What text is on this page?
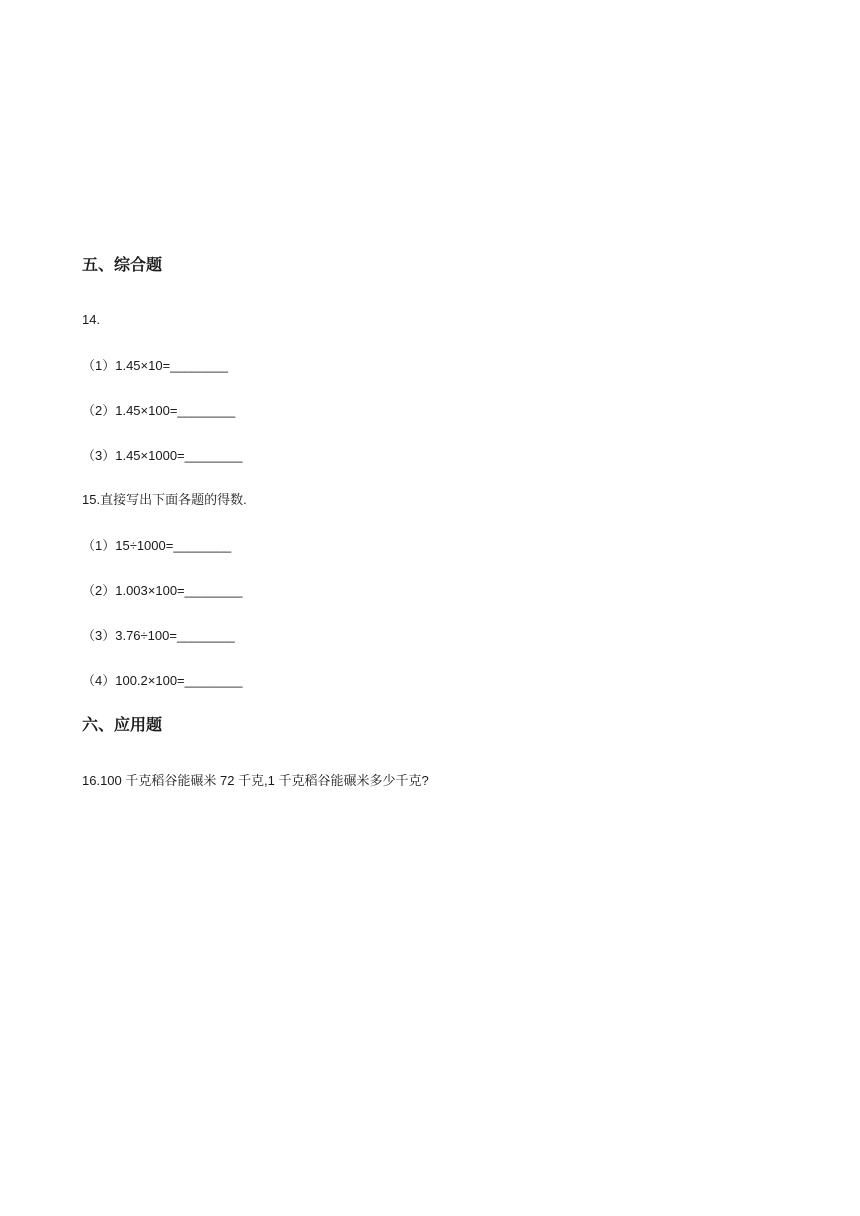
五、综合题
14.
（1）1.45×10=________
（2）1.45×100=________
（3）1.45×1000=________
15.直接写出下面各题的得数.
（1）15÷1000=________
（2）1.003×100=________
（3）3.76÷100=________
（4）100.2×100=________
六、应用题
16.100 千克稻谷能碾米 72 千克,1 千克稻谷能碾米多少千克?
